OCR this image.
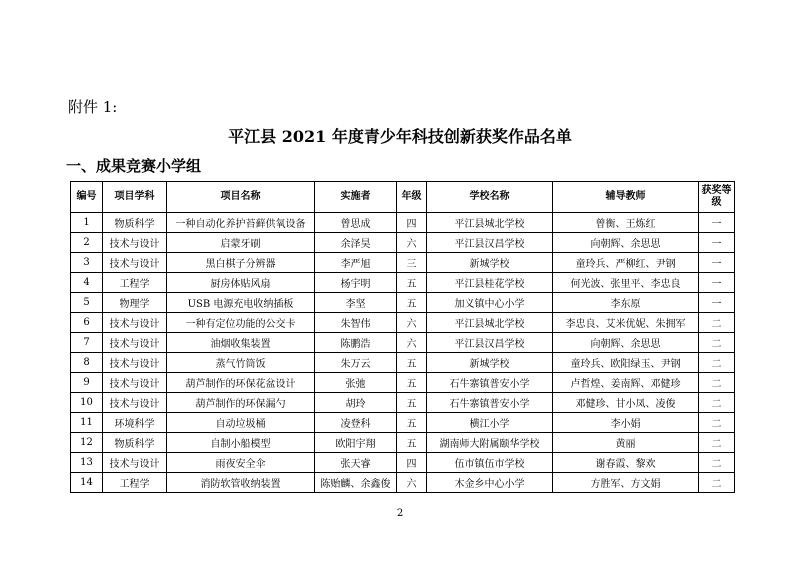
附件 1:
平江县 2021 年度青少年科技创新获奖作品名单
一、成果竞赛小学组
编号	项目学科	项目名称	实施者	年级	学校名称	辅导教师	获奖等级
1	物质科学	一种自动化养护苔藓供氧设备	曾思成	四	平江县城北学校	曾衡、王炼红	一
2	技术与设计	启蒙牙刷	余泽昊	六	平江县汉昌学校	向朝辉、余思思	一
3	技术与设计	黑白棋子分辨器	李严旭	三	新城学校	童玲兵、严柳红、尹钢	一
4	工程学	厨房体贴风扇	杨宇明	五	平江县桂花学校	何光波、张里平、李忠良	一
5	物理学	USB 电源充电收纳插板	李坚	五	加义镇中心小学	李东原	一
6	技术与设计	一种有定位功能的公交卡	朱智伟	六	平江县城北学校	李忠良、艾米优妮、朱拥军	二
7	技术与设计	油烟收集装置	陈鹏浩	六	平江县汉昌学校	向朝辉、余思思	二
8	技术与设计	蒸气竹筒饭	朱万云	五	新城学校	童玲兵、欧阳绿玉、尹钢	二
9	技术与设计	葫芦制作的环保花盆设计	张弛	五	石牛寨镇普安小学	卢哲煌、姜南辉、邓健珍	二
10	技术与设计	葫芦制作的环保漏勺	胡玲	五	石牛寨镇普安小学	邓健珍、甘小凤、凌俊	二
11	环境科学	自动垃圾桶	凌登科	五	横江小学	李小娟	二
12	物质科学	自制小船模型	欧阳宇翔	五	湖南师大附属颐华学校	黄丽	二
13	技术与设计	雨夜安全伞	张天睿	四	伍市镇伍市学校	谢春霞、黎欢	二
14	工程学	消防软管收纳装置	陈贻麟、余鑫俊	六	木金乡中心小学	方胜军、方文娟	二
2
